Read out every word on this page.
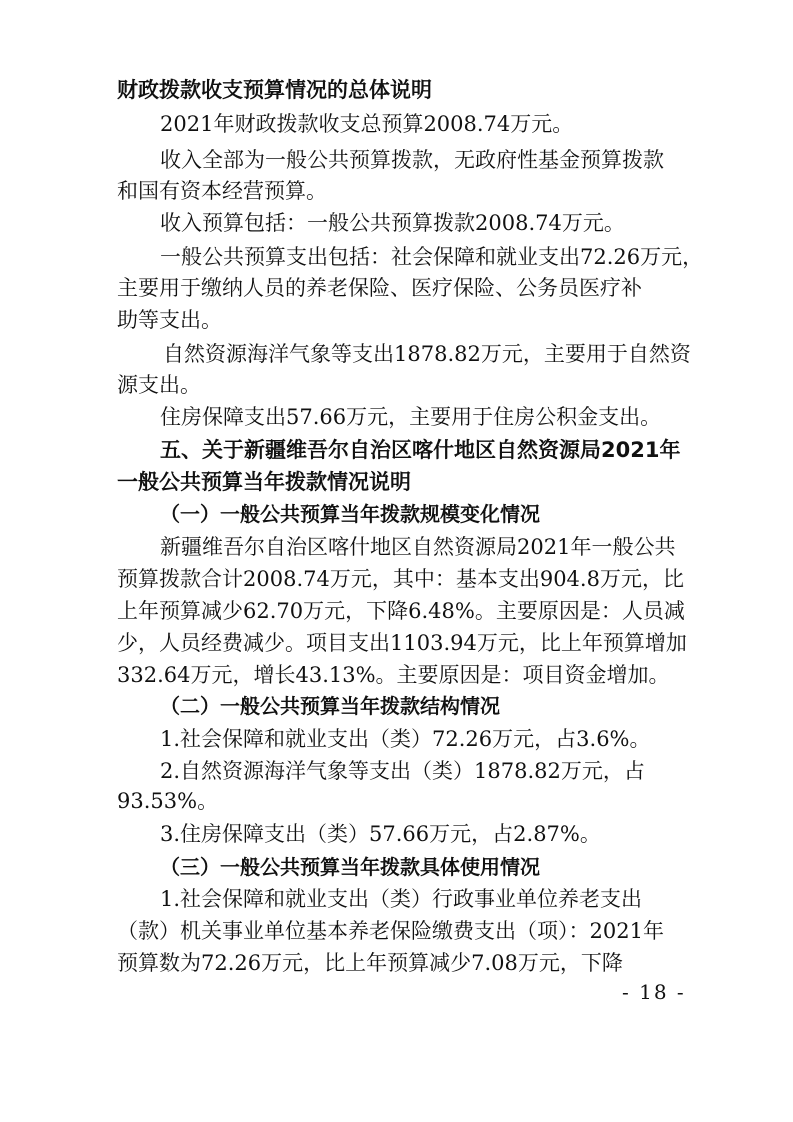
财政拨款收支预算情况的总体说明
2021年财政拨款收支总预算2008.74万元。
收入全部为一般公共预算拨款，无政府性基金预算拨款
和国有资本经营预算。
收入预算包括：一般公共预算拨款2008.74万元。
一般公共预算支出包括：社会保障和就业支出72.26万元，
主要用于缴纳人员的养老保险、医疗保险、公务员医疗补
助等支出。
自然资源海洋气象等支出1878.82万元，主要用于自然资
源支出。
住房保障支出57.66万元，主要用于住房公积金支出。
五、关于新疆维吾尔自治区喀什地区自然资源局2021年
一般公共预算当年拨款情况说明
（一）一般公共预算当年拨款规模变化情况
新疆维吾尔自治区喀什地区自然资源局2021年一般公共
预算拨款合计2008.74万元，其中：基本支出904.8万元，比
上年预算减少62.70万元，下降6.48%。主要原因是：人员减
少，人员经费减少。项目支出1103.94万元，比上年预算增加
332.64万元，增长43.13%。主要原因是：项目资金增加。
（二）一般公共预算当年拨款结构情况
1.社会保障和就业支出（类）72.26万元，占3.6%。
2.自然资源海洋气象等支出（类）1878.82万元，占
93.53%。
3.住房保障支出（类）57.66万元，占2.87%。
（三）一般公共预算当年拨款具体使用情况
1.社会保障和就业支出（类）行政事业单位养老支出
（款）机关事业单位基本养老保险缴费支出（项）：2021年
预算数为72.26万元，比上年预算减少7.08万元，下降
- 18 -
